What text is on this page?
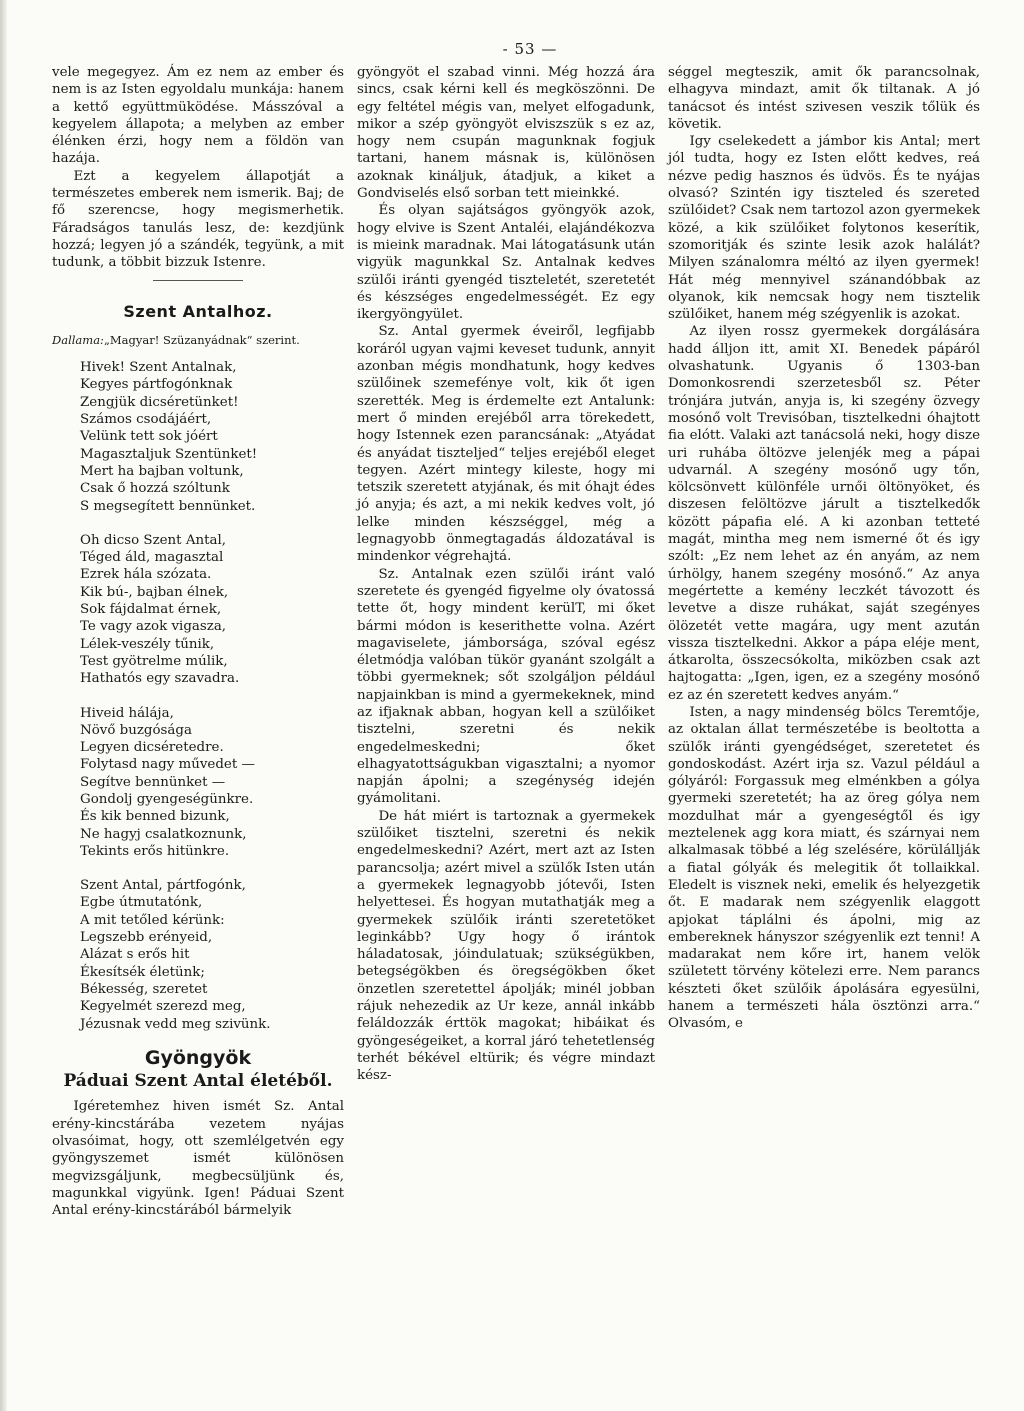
- 53 —

vele megegyez. Ám ez nem az ember és nem is az Isten egyoldalu munkája: hanem a kettő együttmüködése. Másszóval a kegyelem állapota; a melyben az ember élénken érzi, hogy nem a földön van hazája.

Ezt a kegyelem állapotját a természetes emberek nem ismerik. Baj; de fő szerencse, hogy megismerhetik. Fáradságos tanulás lesz, de: kezdjünk hozzá; legyen jó a szándék, tegyünk, a mit tudunk, a többit bizzuk Istenre.

Szent Antalhoz.

Dallama:„Magyar! Szüzanyádnak“ szerint.

Hivek! Szent Antalnak,
Kegyes pártfogónknak
Zengjük dicséretünket!
Számos csodájáért,
Velünk tett sok jóért
Magasztaljuk Szentünket!
Mert ha bajban voltunk,
Csak ő hozzá szóltunk
S megsegített bennünket.

Oh dicso Szent Antal,
Téged áld, magasztal
Ezrek hála szózata.
Kik bú-, bajban élnek,
Sok fájdalmat érnek,
Te vagy azok vigasza,
Lélek-veszély tűnik,
Test gyötrelme múlik,
Hathatós egy szavadra.

Hiveid hálája,
Növő buzgósága
Legyen dicséretedre.
Folytasd nagy művedet —
Segítve bennünket —
Gondolj gyengeségünkre.
És kik benned bizunk,
Ne hagyj csalatkoznunk,
Tekints erős hitünkre.

Szent Antal, pártfogónk,
Egbe útmutatónk,
A mit tetőled kérünk:
Legszebb erényeid,
Alázat s erős hit
Ékesítsék életünk;
Békesség, szeretet
Kegyelmét szerezd meg,
Jézusnak vedd meg szivünk.

Gyöngyök

Páduai Szent Antal életéből.

Igéretemhez hiven ismét Sz. Antal erény-kincstárába vezetem nyájas olvasóimat, hogy, ott szemlélgetvén egy gyöngyszemet ismét különösen megvizsgáljunk, megbecsüljünk és, magunkkal vigyünk. Igen! Páduai Szent Antal erény-kincstárából bármelyik

gyöngyöt el szabad vinni. Még hozzá ára sincs, csak kérni kell és megköszönni. De egy feltétel mégis van, melyet elfogadunk, mikor a szép gyöngyöt elviszszük s ez az, hogy nem csupán magunknak fogjuk tartani, hanem másnak is, különösen azoknak kináljuk, átadjuk, a kiket a Gondviselés első sorban tett mieinkké.

És olyan sajátságos gyöngyök azok, hogy elvive is Szent Antaléi, elajándékozva is mieink maradnak. Mai látogatásunk után vigyük magunkkal Sz. Antalnak kedves szülői iránti gyengéd tiszteletét, szeretetét és készséges engedelmességét. Ez egy ikergyöngyület.

Sz. Antal gyermek éveiről, legfijabb koráról ugyan vajmi keveset tudunk, annyit azonban mégis mondhatunk, hogy kedves szülőinek szemefénye volt, kik őt igen szerették. Meg is érdemelte ezt Antalunk: mert ő minden erejéből arra törekedett, hogy Istennek ezen parancsának: „Atyádat és anyádat tiszteljed“ teljes erejéből eleget tegyen. Azért mintegy kileste, hogy mi tetszik szeretett atyjának, és mit óhajt édes jó anyja; és azt, a mi nekik kedves volt, jó lelke minden készséggel, még a legnagyobb önmegtagadás áldozatával is mindenkor végrehajtá.

Sz. Antalnak ezen szülői iránt való szeretete és gyengéd figyelme oly óvatossá tette őt, hogy mindent kerülT, mi őket bármi módon is keserithette volna. Azért magaviselete, jámborsága, szóval egész életmódja valóban tükör gyanánt szolgált a többi gyermeknek; sőt szolgáljon például napjainkban is mind a gyermekeknek, mind az ifjaknak abban, hogyan kell a szülőiket tisztelni, szeretni és nekik engedelmeskedni; őket elhagyatottságukban vigasztalni; a nyomor napján ápolni; a szegénység idején gyámolitani.

De hát miért is tartoznak a gyermekek szülőiket tisztelni, szeretni és nekik engedelmeskedni? Azért, mert azt az Isten parancsolja; azért mivel a szülők Isten után a gyermekek legnagyobb jótevői, Isten helyettesei. És hogyan mutathatják meg a gyermekek szülőik iránti szeretetöket leginkább? Ugy hogy ő irántok háladatosak, jóindulatuak; szükségükben, betegségökben és öregségökben őket önzetlen szeretettel ápolják; minél jobban rájuk nehezedik az Ur keze, annál inkább feláldozzák érttök magokat; hibáikat és gyöngeségeiket, a korral járó tehetetlenség terhét békével eltürik; és végre mindazt kész-

séggel megteszik, amit ők parancsolnak, elhagyva mindazt, amit ők tiltanak. A jó tanácsot és intést szivesen veszik tőlük és követik.

Igy cselekedett a jámbor kis Antal; mert jól tudta, hogy ez Isten előtt kedves, reá nézve pedig hasznos és üdvös. És te nyájas olvasó? Szintén igy tiszteled és szereted szülőidet? Csak nem tartozol azon gyermekek közé, a kik szülőiket folytonos keserítik, szomoritják és szinte lesik azok halálát? Milyen szánalomra méltó az ilyen gyermek! Hát még mennyivel szánandóbbak az olyanok, kik nemcsak hogy nem tisztelik szülőiket, hanem még szégyenlik is azokat.

Az ilyen rossz gyermekek dorgálására hadd álljon itt, amit XI. Benedek pápáról olvashatunk. Ugyanis ő 1303-ban Domonkosrendi szerzetesből sz. Péter trónjára jutván, anyja is, ki szegény özvegy mosónő volt Trevisóban, tisztelkedni óhajtott fia elótt. Valaki azt tanácsolá neki, hogy disze uri ruhába öltözve jelenjék meg a pápai udvarnál. A szegény mosónő ugy tőn, kölcsönvett különféle urnői öltönyöket, és diszesen felöltözve járult a tisztelkedők között pápafia elé. A ki azonban tetteté magát, mintha meg nem ismerné őt és igy szólt: „Ez nem lehet az én anyám, az nem úrhölgy, hanem szegény mosónő.“ Az anya megértette a kemény leczkét távozott és levetve a disze ruhákat, saját szegényes ölözetét vette magára, ugy ment azután vissza tisztelkedni. Akkor a pápa eléje ment, átkarolta, összecsókolta, miközben csak azt hajtogatta: „Igen, igen, ez a szegény mosónő ez az én szeretett kedves anyám.“

Isten, a nagy mindenség bölcs Teremtője, az oktalan állat természetébe is beoltotta a szülők iránti gyengédséget, szeretetet és gondoskodást. Azért irja sz. Vazul például a gólyáról: Forgassuk meg elménkben a gólya gyermeki szeretetét; ha az öreg gólya nem mozdulhat már a gyengeségtől és igy meztelenek agg kora miatt, és szárnyai nem alkalmasak többé a lég szelésére, körülállják a fiatal gólyák és melegitik őt tollaikkal. Eledelt is visznek neki, emelik és helyezgetik őt. E madarak nem szégyenlik elaggott apjokat táplálni és ápolni, mig az embereknek hányszor szégyenlik ezt tenni! A madarakat nem kőre irt, hanem velök született törvény kötelezi erre. Nem parancs készteti őket szülőik ápolására egyesülni, hanem a természeti hála ösztönzi arra.“ Olvasóm, e
